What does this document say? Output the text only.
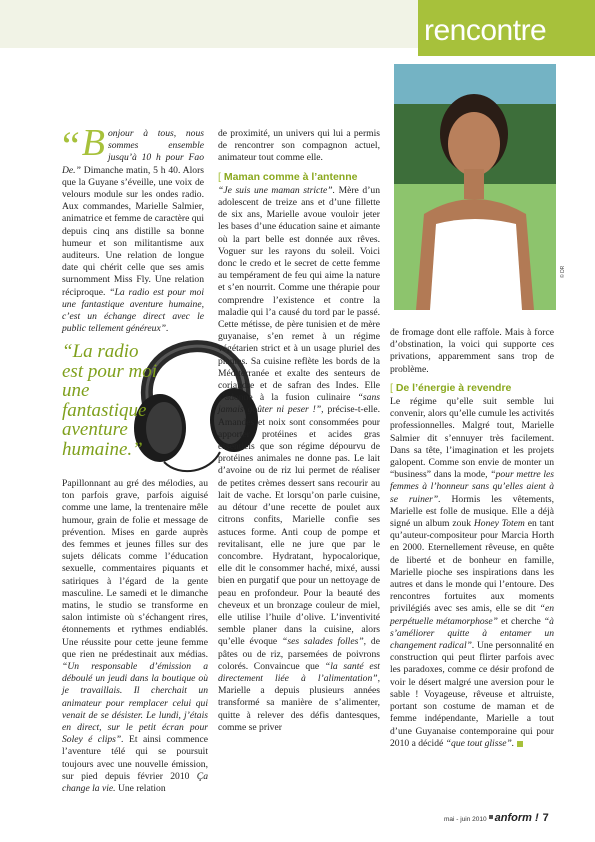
rencontre
© DR
“La radio est pour moi une fantastique aventure humaine.”

“ B onjour à tous, nous sommes ensemble jusqu’à 10 h pour Fao De.” Dimanche matin, 5 h 40. Alors que la Guyane s’éveille, une voix de velours module sur les ondes radio. Aux commandes, Marielle Salmier, animatrice et femme de caractère qui depuis cinq ans distille sa bonne humeur et son militantisme aux auditeurs. Une relation de longue date qui chérit celle que ses amis surnomment Miss Fly. Une relation réciproque. “La radio est pour moi une fantastique aventure humaine, c’est un échange direct avec le public tellement généreux”.

Papillonnant au gré des mélodies, au ton parfois grave, parfois aiguisé comme une lame, la trentenaire mêle humour, grain de folie et message de prévention. Mises en garde auprès des femmes et jeunes filles sur des sujets délicats comme l’éducation sexuelle, commentaires piquants et satiriques à l’égard de la gente masculine. Le samedi et le dimanche matins, le studio se transforme en salon intimiste où s’échangent rires, étonnements et rythmes endiablés. Une réussite pour cette jeune femme que rien ne prédestinait aux médias. “Un responsable d’émission a déboulé un jeudi dans la boutique où je travaillais. Il cherchait un animateur pour remplacer celui qui venait de se désister. Le lundi, j’étais en direct, sur le petit écran pour Soley é clips”. Et ainsi commence l’aventure télé qui se poursuit toujours avec une nouvelle émission, sur pied depuis février 2010 Ça change la vie. Une relation

de proximité, un univers qui lui a permis de rencontrer son compagnon actuel, animateur tout comme elle.

[ Maman comme à l’antenne

“Je suis une maman stricte”. Mère d’un adolescent de treize ans et d’une fillette de six ans, Marielle avoue vouloir jeter les bases d’une éducation saine et aimante où la part belle est donnée aux rêves. Voguer sur les rayons du soleil. Voici donc le credo et le secret de cette femme au tempérament de feu qui aime la nature et s’en nourrit. Comme une thérapie pour comprendre l’existence et contre la maladie qui l’a causé du tord par le passé. Cette métisse, de père tunisien et de mère guyanaise, s’en remet à un régime végétarien strict et à un usage pluriel des plantes. Sa cuisine reflète les bords de la Méditerranée et exalte des senteurs de coriandre et de safran des Indes. Elle s’adonne à la fusion culinaire “sans jamais goûter ni peser !”, précise-t-elle. Amandes et noix sont consommées pour apporter protéines et acides gras essentiels que son régime dépourvu de protéines animales ne donne pas. Le lait d’avoine ou de riz lui permet de réaliser de petites crèmes dessert sans recourir au lait de vache. Et lorsqu’on parle cuisine, au détour d’une recette de poulet aux citrons confits, Marielle confie ses astuces forme. Anti coup de pompe et revitalisant, elle ne jure que par le concombre. Hydratant, hypocalorique, elle dit le consommer haché, mixé, aussi bien en purgatif que pour un nettoyage de peau en profondeur. Pour la beauté des cheveux et un bronzage couleur de miel, elle utilise l’huile d’olive. L’inventivité semble planer dans la cuisine, alors qu’elle évoque “ses salades folles”, de pâtes ou de riz, parsemées de poivrons colorés. Convaincue que “la santé est directement liée à l’alimentation”, Marielle a depuis plusieurs années transformé sa manière de s’alimenter, quitte à relever des défis dantesques, comme se priver

de fromage dont elle raffole. Mais à force d’obstination, la voici qui supporte ces privations, apparemment sans trop de problème.

[ De l’énergie à revendre

Le régime qu’elle suit semble lui convenir, alors qu’elle cumule les activités professionnelles. Malgré tout, Marielle Salmier dit s’ennuyer très facilement. Dans sa tête, l’imagination et les projets galopent. Comme son envie de monter un “business” dans la mode, “pour mettre les femmes à l’honneur sans qu’elles aient à se ruiner”. Hormis les vêtements, Marielle est folle de musique. Elle a déjà signé un album zouk Honey Totem en tant qu’auteur-compositeur pour Marcia Horth en 2000. Eternellement rêveuse, en quête de liberté et de bonheur en famille, Marielle pioche ses inspirations dans les autres et dans le monde qui l’entoure. Des rencontres fortuites aux moments privilégiés avec ses amis, elle se dit “en perpétuelle métamorphose” et cherche “à s’améliorer quitte à entamer un changement radical”. Une personnalité en construction qui peut flirter parfois avec les paradoxes, comme ce désir profond de voir le désert malgré une aversion pour le sable ! Voyageuse, rêveuse et altruiste, portant son costume de maman et de femme indépendante, Marielle a tout d’une Guyanaise contemporaine qui pour 2010 a décidé “que tout glisse”.

mai - juin 2010 anform ! 7
